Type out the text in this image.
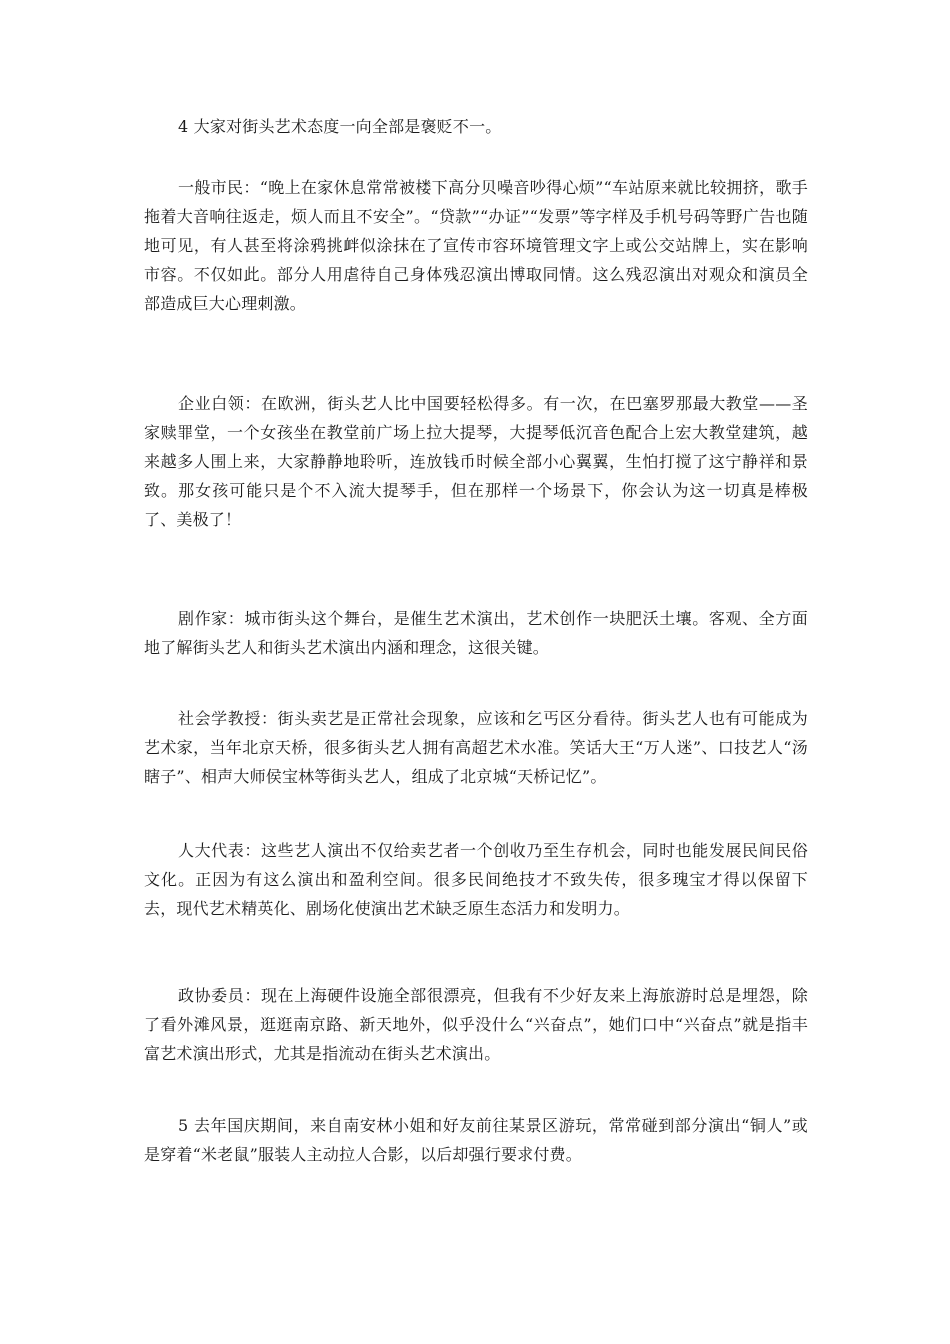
4 大家对街头艺术态度一向全部是褒贬不一。

一般市民：“晚上在家休息常常被楼下高分贝噪音吵得心烦”“车站原来就比较拥挤，歌手拖着大音响往返走，烦人而且不安全”。“贷款”“办证”“发票”等字样及手机号码等野广告也随地可见，有人甚至将涂鸦挑衅似涂抹在了宣传市容环境管理文字上或公交站牌上，实在影响市容。不仅如此。部分人用虐待自己身体残忍演出博取同情。这么残忍演出对观众和演员全部造成巨大心理刺激。

企业白领：在欧洲，街头艺人比中国要轻松得多。有一次，在巴塞罗那最大教堂——圣家赎罪堂，一个女孩坐在教堂前广场上拉大提琴，大提琴低沉音色配合上宏大教堂建筑，越来越多人围上来，大家静静地聆听，连放钱币时候全部小心翼翼，生怕打搅了这宁静祥和景致。那女孩可能只是个不入流大提琴手，但在那样一个场景下，你会认为这一切真是棒极了、美极了！

剧作家：城市街头这个舞台，是催生艺术演出，艺术创作一块肥沃土壤。客观、全方面地了解街头艺人和街头艺术演出内涵和理念，这很关键。

社会学教授：街头卖艺是正常社会现象，应该和乞丐区分看待。街头艺人也有可能成为艺术家，当年北京天桥，很多街头艺人拥有高超艺术水准。笑话大王“万人迷”、口技艺人“汤瞎子”、相声大师侯宝林等街头艺人，组成了北京城“天桥记忆”。

人大代表：这些艺人演出不仅给卖艺者一个创收乃至生存机会，同时也能发展民间民俗文化。正因为有这么演出和盈利空间。很多民间绝技才不致失传，很多瑰宝才得以保留下去，现代艺术精英化、剧场化使演出艺术缺乏原生态活力和发明力。

政协委员：现在上海硬件设施全部很漂亮，但我有不少好友来上海旅游时总是埋怨，除了看外滩风景，逛逛南京路、新天地外，似乎没什么“兴奋点”，她们口中“兴奋点”就是指丰富艺术演出形式，尤其是指流动在街头艺术演出。

5 去年国庆期间，来自南安林小姐和好友前往某景区游玩，常常碰到部分演出“铜人”或是穿着“米老鼠”服装人主动拉人合影，以后却强行要求付费。
